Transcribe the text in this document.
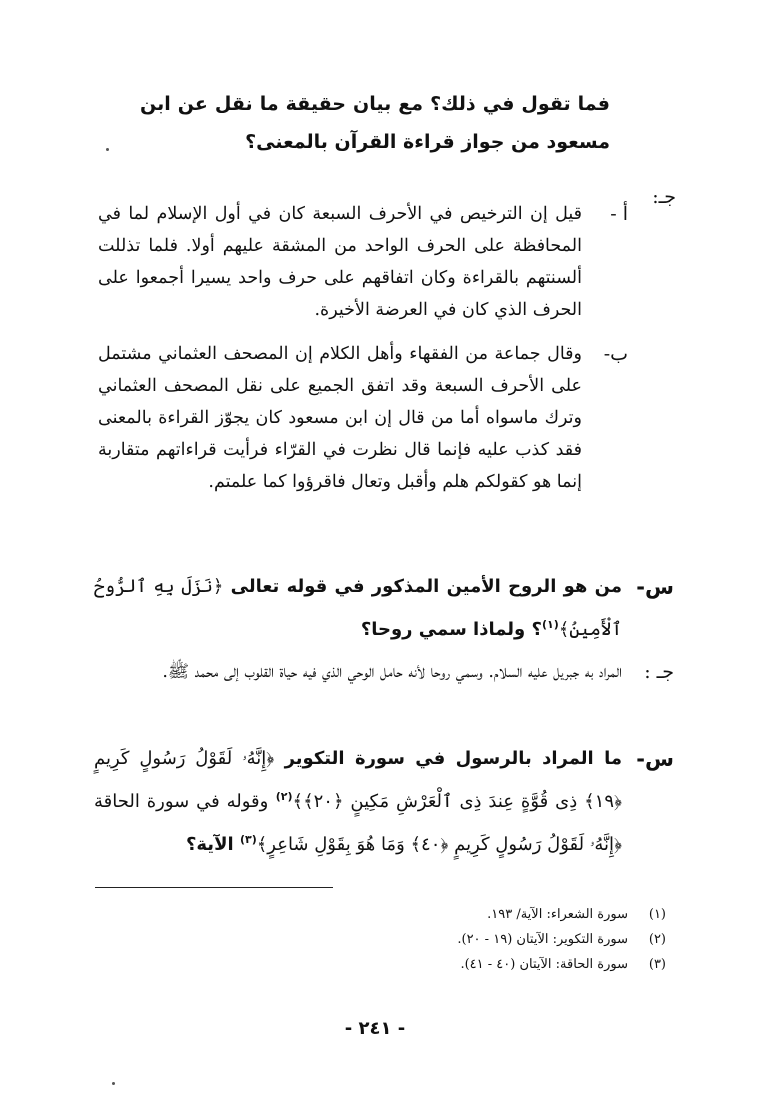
فما تقول في ذلك؟ مع بيان حقيقة ما نقل عن ابن مسعود من جواز قراءة القرآن بالمعنى؟
جـ:
أ -
قيل إن الترخيص في الأحرف السبعة كان في أول الإسلام لما في المحافظة على الحرف الواحد من المشقة عليهم أولا. فلما تذللت ألسنتهم بالقراءة وكان اتفاقهم على حرف واحد يسيرا أجمعوا على الحرف الذي كان في العرضة الأخيرة.
ب-
وقال جماعة من الفقهاء وأهل الكلام إن المصحف العثماني مشتمل على الأحرف السبعة وقد اتفق الجميع على نقل المصحف العثماني وترك ماسواه أما من قال إن ابن مسعود كان يجوّز القراءة بالمعنى فقد كذب عليه فإنما قال نظرت في القرّاء فرأيت قراءاتهم متقاربة إنما هو كقولكم هلم وأقبل وتعال فاقرؤوا كما علمتم.
س-
من هو الروح الأمين المذكور في قوله تعالى ﴿نَزَلَ بِهِ ٱلرُّوحُ ٱلْأَمِينُ﴾$^{(١)}$؟ ولماذا سمي روحا؟
جـ :
المراد به جبريل عليه السلام. وسمي روحا لأنه حامل الوحي الذي فيه حياة القلوب إلى محمد ﷺ.
س-
ما المراد بالرسول في سورة التكوير ﴿إِنَّهُۥ لَقَوْلُ رَسُولٍ كَرِيمٍ ﴿١٩﴾ ذِى قُوَّةٍ عِندَ ذِى ٱلْعَرْشِ مَكِينٍ ﴿٢٠﴾﴾$^{(٢)}$ وقوله في سورة الحاقة ﴿إِنَّهُۥ لَقَوْلُ رَسُولٍ كَرِيمٍ ﴿٤٠﴾ وَمَا هُوَ بِقَوْلِ شَاعِرٍ﴾$^{(٣)}$ الآية؟
(١)
سورة الشعراء: الآية/ ١٩٣.
(٢)
سورة التكوير: الآيتان (١٩ - ٢٠).
(٣)
سورة الحاقة: الآيتان (٤٠ - ٤١).
- ٢٤١ -
